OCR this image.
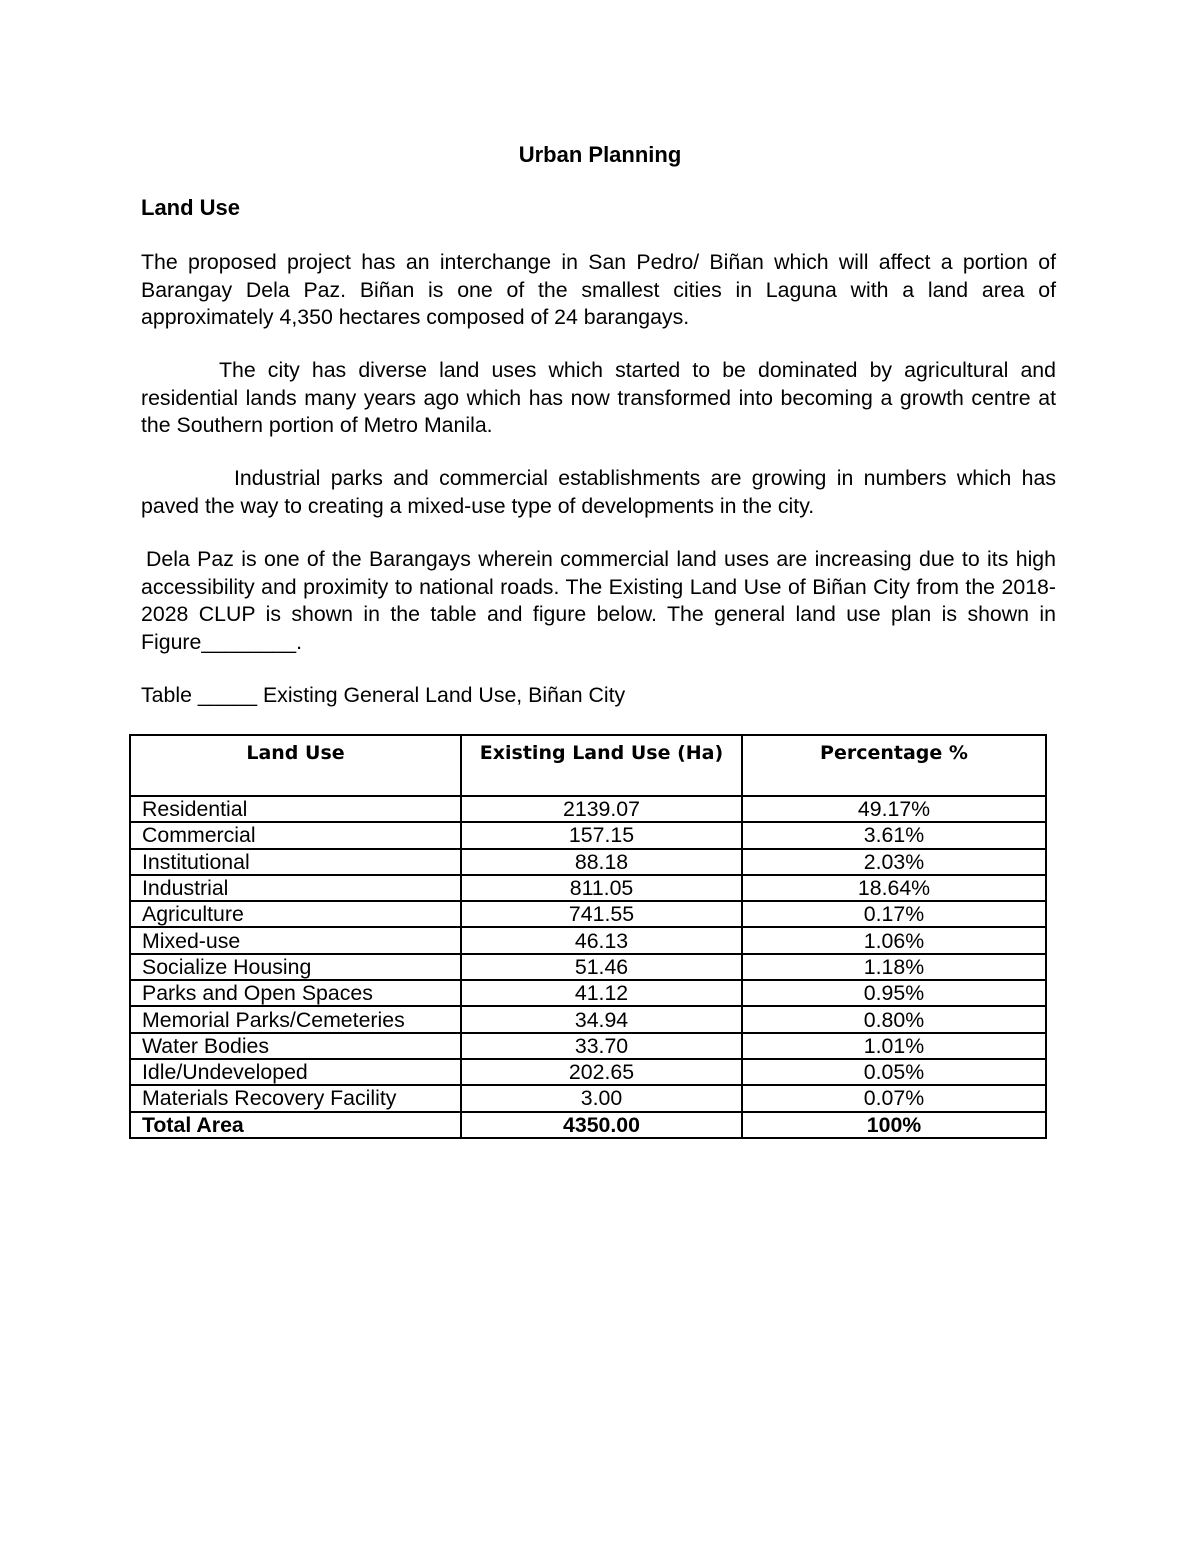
Urban Planning
Land Use

The proposed project has an interchange in San Pedro/ Biñan which will affect a portion of Barangay Dela Paz. Biñan is one of the smallest cities in Laguna with a land area of approximately 4,350 hectares composed of 24 barangays.

The city has diverse land uses which started to be dominated by agricultural and residential lands many years ago which has now transformed into becoming a growth centre at the Southern portion of Metro Manila.

Industrial parks and commercial establishments are growing in numbers which has paved the way to creating a mixed-use type of developments in the city.

Dela Paz is one of the Barangays wherein commercial land uses are increasing due to its high accessibility and proximity to national roads. The Existing Land Use of Biñan City from the 2018-2028 CLUP is shown in the table and figure below. The general land use plan is shown in Figure________.

Table _____ Existing General Land Use, Biñan City
Land Use	Existing Land Use (Ha)	Percentage %
Residential	2139.07	49.17%
Commercial	157.15	3.61%
Institutional	88.18	2.03%
Industrial	811.05	18.64%
Agriculture	741.55	0.17%
Mixed-use	46.13	1.06%
Socialize Housing	51.46	1.18%
Parks and Open Spaces	41.12	0.95%
Memorial Parks/Cemeteries	34.94	0.80%
Water Bodies	33.70	1.01%
Idle/Undeveloped	202.65	0.05%
Materials Recovery Facility	3.00	0.07%
Total Area	4350.00	100%
